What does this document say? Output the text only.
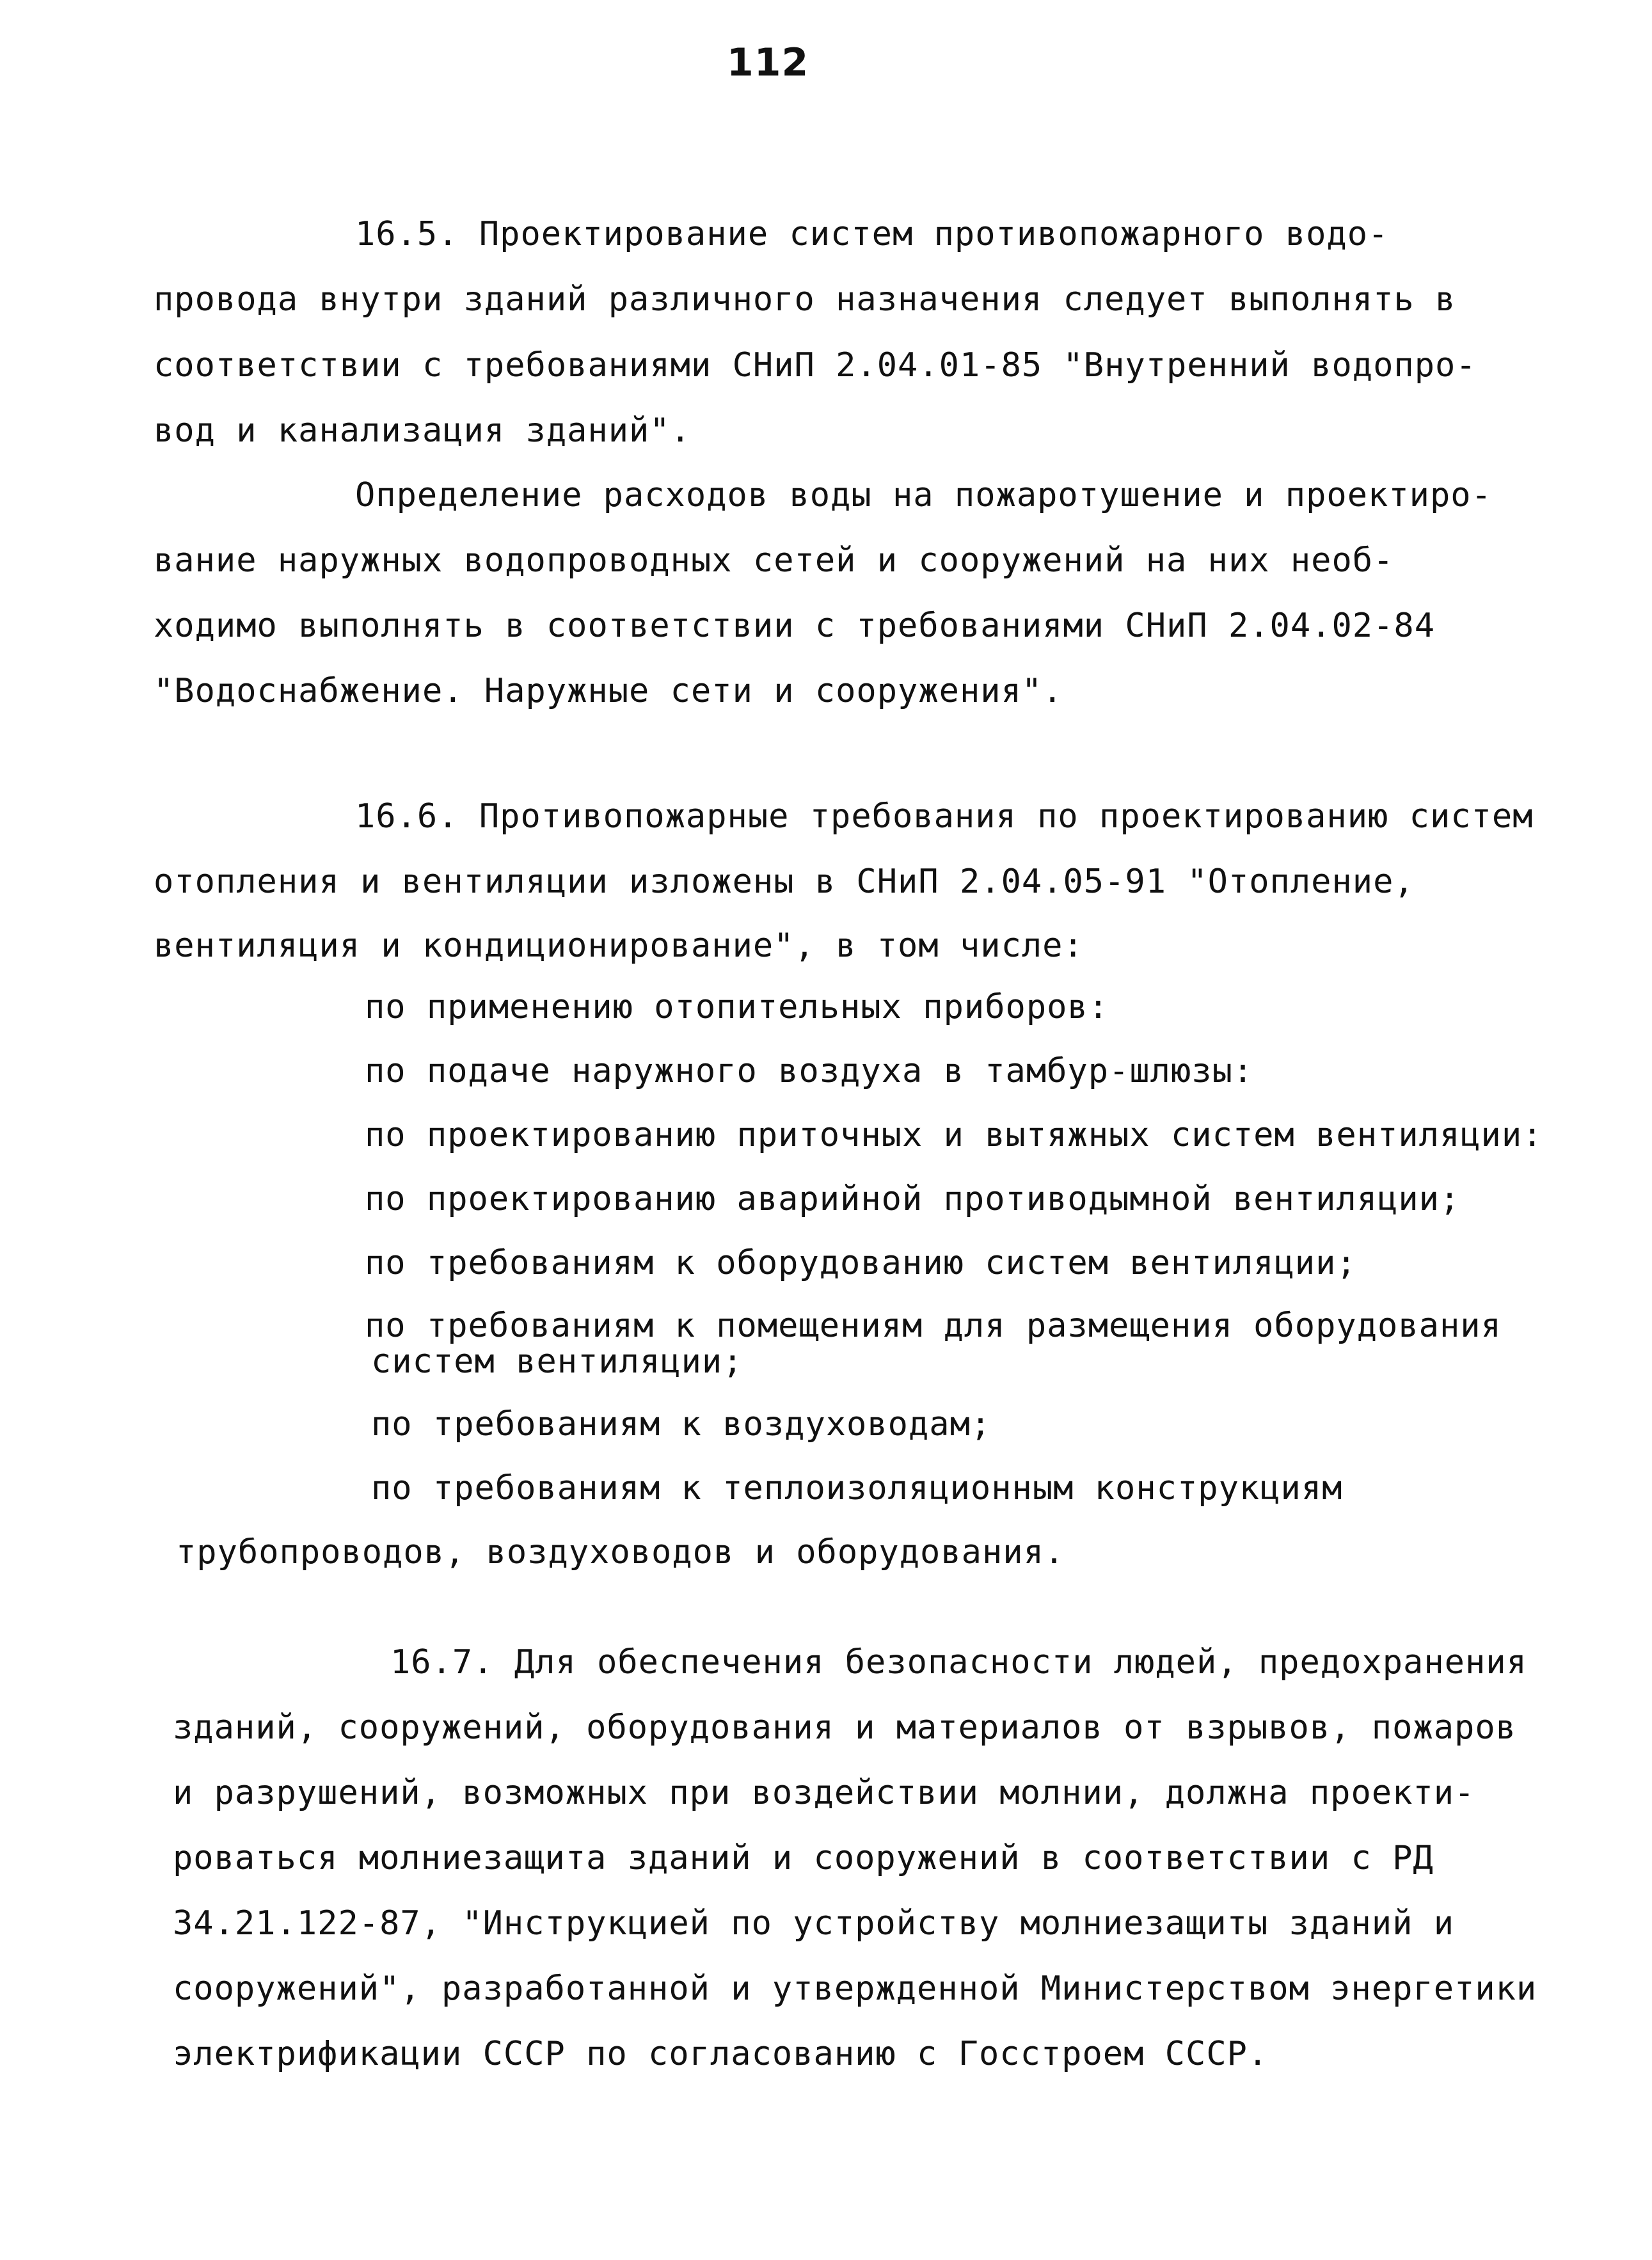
112
16.5. Проектирование систем противопожарного водо-
провода внутри зданий различного назначения следует выполнять в
соответствии с требованиями СНиП 2.04.01-85 "Внутренний водопро-
вод и канализация зданий".
Определение расходов воды на пожаротушение и проектиро-
вание наружных водопроводных сетей и сооружений на них необ-
ходимо выполнять в соответствии с требованиями СНиП 2.04.02-84
"Водоснабжение. Наружные сети и сооружения".
16.6. Противопожарные требования по проектированию систем
отопления и вентиляции изложены в СНиП 2.04.05-91 "Отопление,
вентиляция и кондиционирование", в том числе:
по применению отопительных приборов:
по подаче наружного воздуха в тамбур-шлюзы:
по проектированию приточных и вытяжных систем вентиляции:
по проектированию аварийной противодымной вентиляции;
по требованиям к оборудованию систем вентиляции;
по требованиям к помещениям для размещения оборудования
систем вентиляции;
по требованиям к воздуховодам;
по требованиям к теплоизоляционным конструкциям
трубопроводов, воздуховодов и оборудования.
16.7. Для обеспечения безопасности людей, предохранения
зданий, сооружений, оборудования и материалов от взрывов, пожаров
и разрушений, возможных при воздействии молнии, должна проекти-
роваться молниезащита зданий и сооружений в соответствии с РД
34.21.122-87, "Инструкцией по устройству молниезащиты зданий и
сооружений", разработанной и утвержденной Министерством энергетики
электрификации СССР по согласованию с Госстроем СССР.
